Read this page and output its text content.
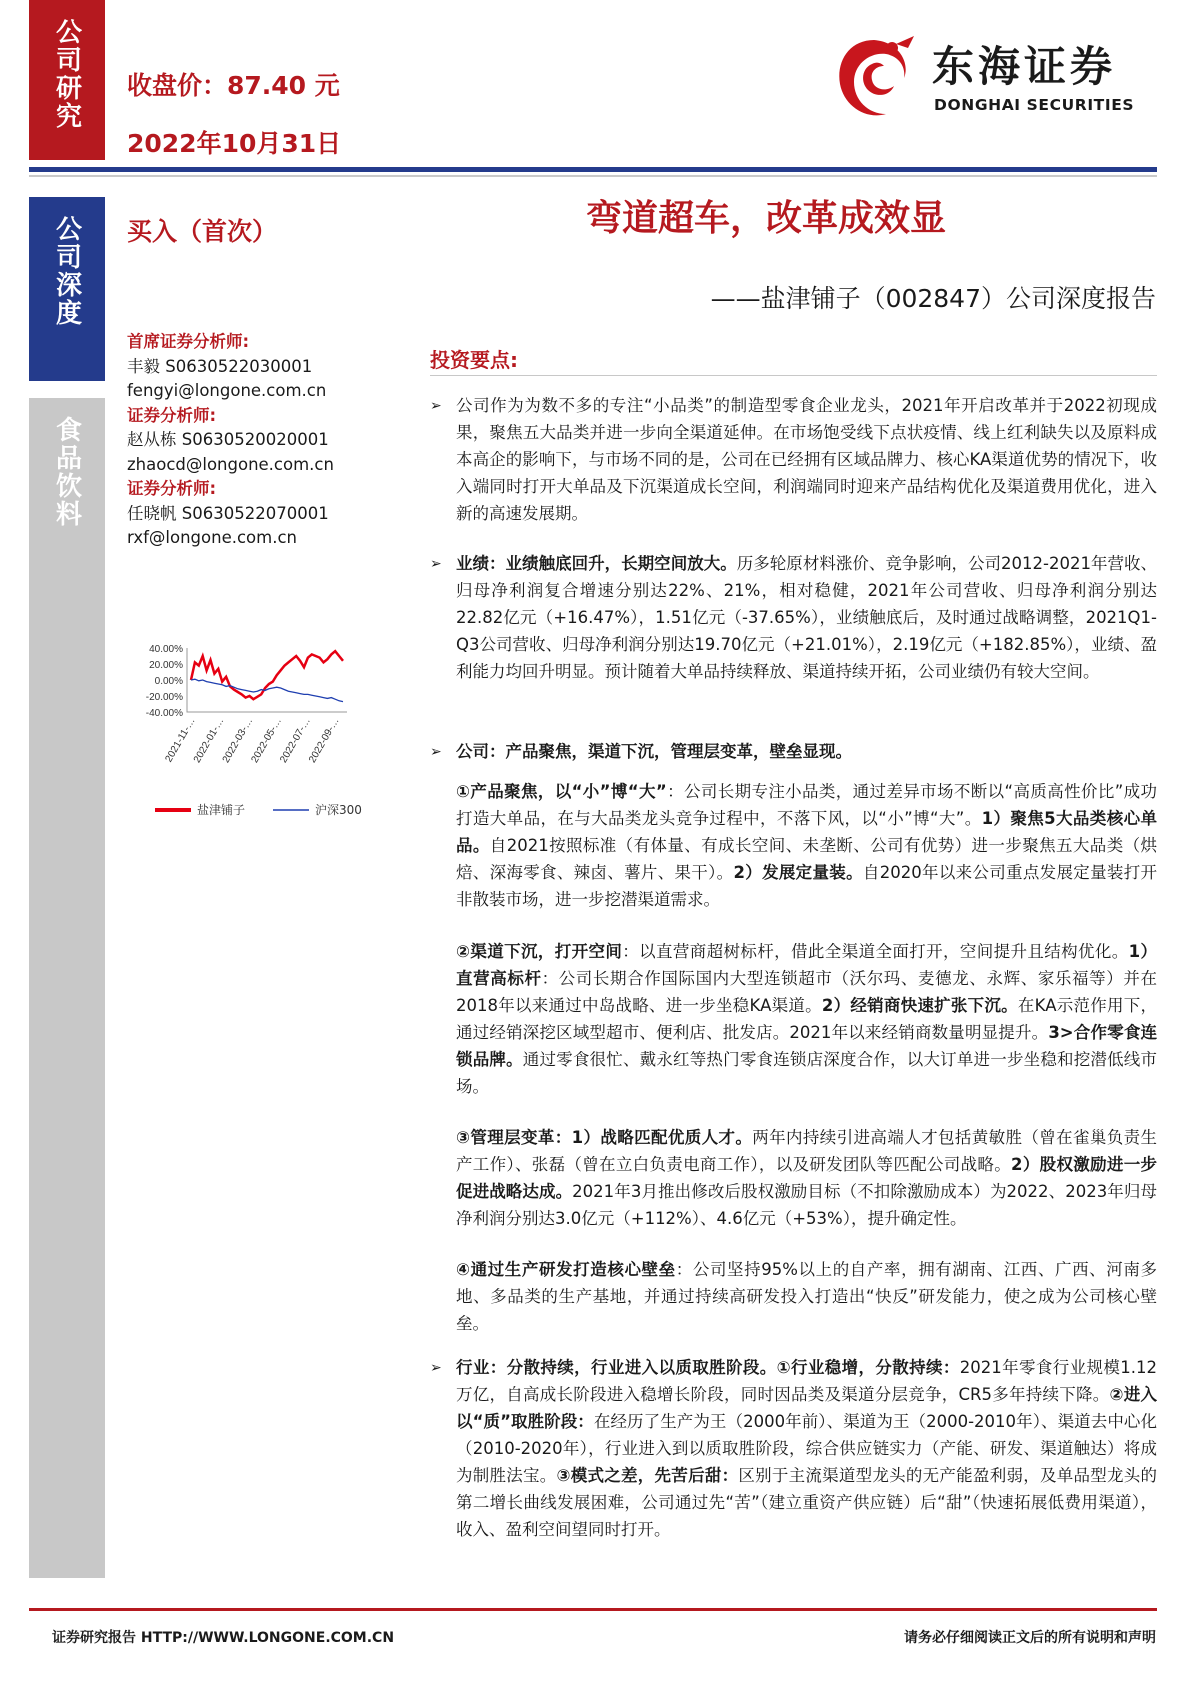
公司研究
公司深度
食品饮料
收盘价：87.40 元
2022年10月31日
东海证券
DONGHAI SECURITIES
买入（首次）	弯道超车，改革成效显
——盐津铺子（002847）公司深度报告
首席证券分析师:
丰毅 S0630522030001
fengyi@longone.com.cn
证券分析师:
赵从栋 S0630520020001
zhaocd@longone.com.cn
证券分析师:
任晓帆 S0630522070001
rxf@longone.com.cn
40.00%
20.00%
0.00%
-20.00%
-40.00%
2021-11-…
2022-01-…
2022-03-…
2022-05-…
2022-07-…
2022-09-…
盐津铺子	沪深300
投资要点:
➢ 公司作为为数不多的专注“小品类”的制造型零食企业龙头，2021年开启改革并于2022初现成果，聚焦五大品类并进一步向全渠道延伸。在市场饱受线下点状疫情、线上红利缺失以及原料成本高企的影响下，与市场不同的是，公司在已经拥有区域品牌力、核心KA渠道优势的情况下，收入端同时打开大单品及下沉渠道成长空间，利润端同时迎来产品结构优化及渠道费用优化，进入新的高速发展期。
➢ 业绩：业绩触底回升，长期空间放大。历多轮原材料涨价、竞争影响，公司2012-2021年营收、归母净利润复合增速分别达22%、21%，相对稳健，2021年公司营收、归母净利润分别达22.82亿元（+16.47%），1.51亿元（-37.65%），业绩触底后，及时通过战略调整，2021Q1-Q3公司营收、归母净利润分别达19.70亿元（+21.01%），2.19亿元（+182.85%），业绩、盈利能力均回升明显。预计随着大单品持续释放、渠道持续开拓，公司业绩仍有较大空间。
➢ 公司：产品聚焦，渠道下沉，管理层变革，壁垒显现。
①产品聚焦，以“小”博“大”：公司长期专注小品类，通过差异市场不断以“高质高性价比”成功打造大单品，在与大品类龙头竞争过程中，不落下风，以“小”博“大”。1）聚焦5大品类核心单品。自2021按照标准（有体量、有成长空间、未垄断、公司有优势）进一步聚焦五大品类（烘焙、深海零食、辣卤、薯片、果干）。2）发展定量装。自2020年以来公司重点发展定量装打开非散装市场，进一步挖潜渠道需求。
②渠道下沉，打开空间：以直营商超树标杆，借此全渠道全面打开，空间提升且结构优化。1）直营高标杆：公司长期合作国际国内大型连锁超市（沃尔玛、麦德龙、永辉、家乐福等）并在2018年以来通过中岛战略、进一步坐稳KA渠道。2）经销商快速扩张下沉。在KA示范作用下，通过经销深挖区域型超市、便利店、批发店。2021年以来经销商数量明显提升。3>合作零食连锁品牌。通过零食很忙、戴永红等热门零食连锁店深度合作，以大订单进一步坐稳和挖潜低线市场。
③管理层变革：1）战略匹配优质人才。两年内持续引进高端人才包括黄敏胜（曾在雀巢负责生产工作）、张磊（曾在立白负责电商工作），以及研发团队等匹配公司战略。2）股权激励进一步促进战略达成。2021年3月推出修改后股权激励目标（不扣除激励成本）为2022、2023年归母净利润分别达3.0亿元（+112%）、4.6亿元（+53%），提升确定性。
④通过生产研发打造核心壁垒：公司坚持95%以上的自产率，拥有湖南、江西、广西、河南多地、多品类的生产基地，并通过持续高研发投入打造出“快反”研发能力，使之成为公司核心壁垒。
➢ 行业：分散持续，行业进入以质取胜阶段。①行业稳增，分散持续：2021年零食行业规模1.12万亿，自高成长阶段进入稳增长阶段，同时因品类及渠道分层竞争，CR5多年持续下降。②进入以“质”取胜阶段：在经历了生产为王（2000年前）、渠道为王（2000-2010年）、渠道去中心化（2010-2020年），行业进入到以质取胜阶段，综合供应链实力（产能、研发、渠道触达）将成为制胜法宝。③模式之差，先苦后甜：区别于主流渠道型龙头的无产能盈利弱，及单品型龙头的第二增长曲线发展困难，公司通过先“苦”（建立重资产供应链）后“甜”（快速拓展低费用渠道），收入、盈利空间望同时打开。
证券研究报告 HTTP://WWW.LONGONE.COM.CN	请务必仔细阅读正文后的所有说明和声明
